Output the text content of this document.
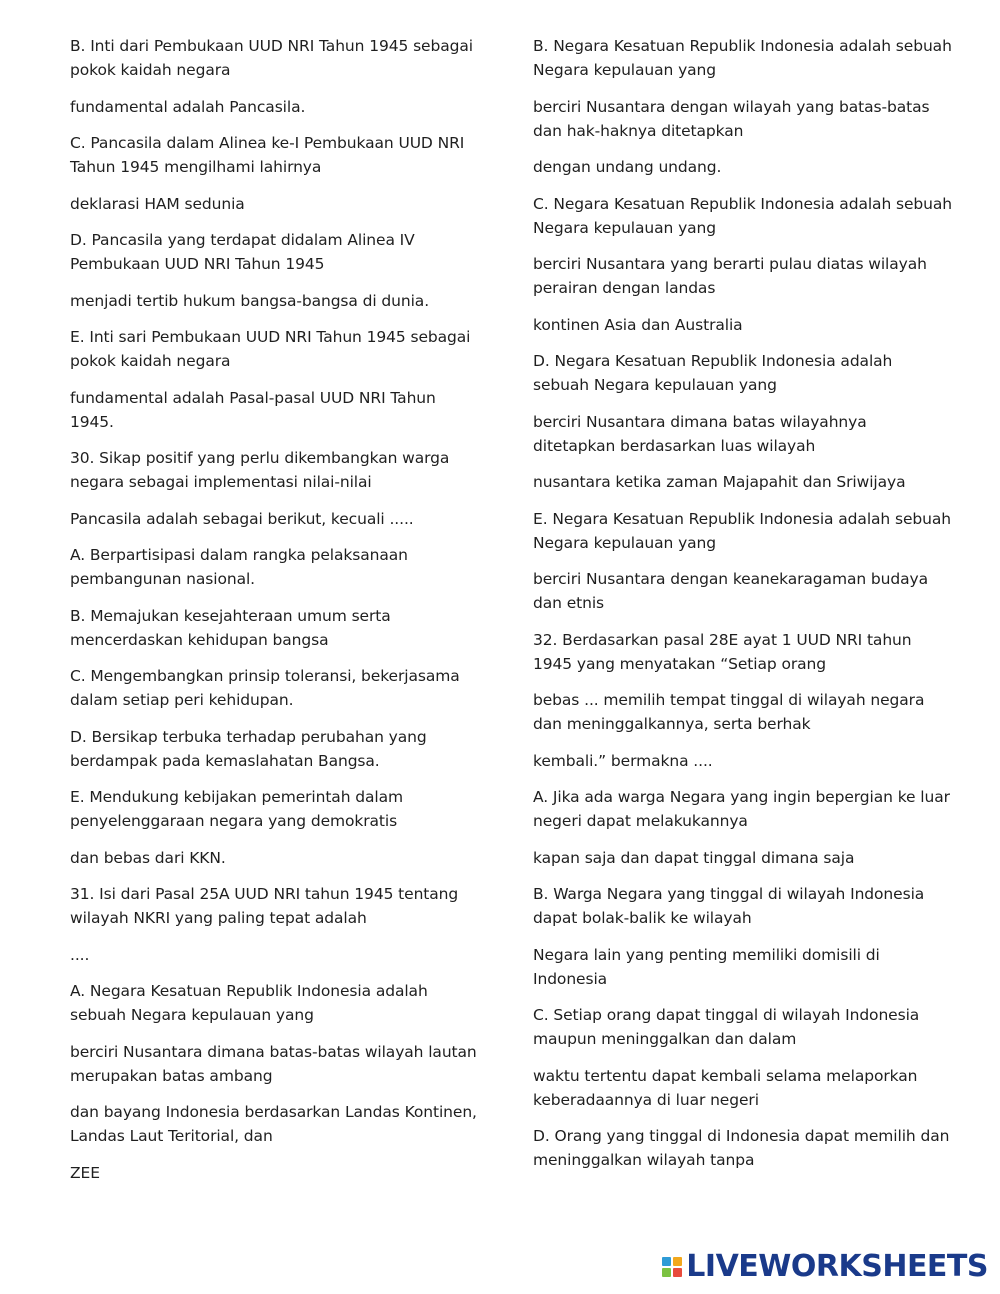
B. Inti dari Pembukaan UUD NRI Tahun 1945 sebagai pokok kaidah negara

fundamental adalah Pancasila.

C. Pancasila dalam Alinea ke-I Pembukaan UUD NRI Tahun 1945 mengilhami lahirnya

deklarasi HAM sedunia

D. Pancasila yang terdapat didalam Alinea IV Pembukaan UUD NRI Tahun 1945

menjadi tertib hukum bangsa-bangsa di dunia.

E. Inti sari Pembukaan UUD NRI Tahun 1945 sebagai pokok kaidah negara

fundamental adalah Pasal-pasal UUD NRI Tahun 1945.

30. Sikap positif yang perlu dikembangkan warga negara sebagai implementasi nilai-nilai

Pancasila adalah sebagai berikut, kecuali .....

A. Berpartisipasi dalam rangka pelaksanaan pembangunan nasional.

B. Memajukan kesejahteraan umum serta mencerdaskan kehidupan bangsa

C. Mengembangkan prinsip toleransi, bekerjasama dalam setiap peri kehidupan.

D. Bersikap terbuka terhadap perubahan yang berdampak pada kemaslahatan Bangsa.

E. Mendukung kebijakan pemerintah dalam penyelenggaraan negara yang demokratis

dan bebas dari KKN.

31. Isi dari Pasal 25A UUD NRI tahun 1945 tentang wilayah NKRI yang paling tepat adalah

....

A. Negara Kesatuan Republik Indonesia adalah sebuah Negara kepulauan yang

berciri Nusantara dimana batas-batas wilayah lautan merupakan batas ambang

dan bayang Indonesia berdasarkan Landas Kontinen, Landas Laut Teritorial, dan

ZEE

B. Negara Kesatuan Republik Indonesia adalah sebuah Negara kepulauan yang

berciri Nusantara dengan wilayah yang batas-batas dan hak-haknya ditetapkan

dengan undang undang.

C. Negara Kesatuan Republik Indonesia adalah sebuah Negara kepulauan yang

berciri Nusantara yang berarti pulau diatas wilayah perairan dengan landas

kontinen Asia dan Australia

D. Negara Kesatuan Republik Indonesia adalah sebuah Negara kepulauan yang

berciri Nusantara dimana batas wilayahnya ditetapkan berdasarkan luas wilayah

nusantara ketika zaman Majapahit dan Sriwijaya

E. Negara Kesatuan Republik Indonesia adalah sebuah Negara kepulauan yang

berciri Nusantara dengan keanekaragaman budaya dan etnis

32. Berdasarkan pasal 28E ayat 1 UUD NRI tahun 1945 yang menyatakan “Setiap orang

bebas ... memilih tempat tinggal di wilayah negara dan meninggalkannya, serta berhak

kembali.” bermakna ....

A. Jika ada warga Negara yang ingin bepergian ke luar negeri dapat melakukannya

kapan saja dan dapat tinggal dimana saja

B. Warga Negara yang tinggal di wilayah Indonesia dapat bolak-balik ke wilayah

Negara lain yang penting memiliki domisili di Indonesia

C. Setiap orang dapat tinggal di wilayah Indonesia maupun meninggalkan dan dalam

waktu tertentu dapat kembali selama melaporkan keberadaannya di luar negeri

D. Orang yang tinggal di Indonesia dapat memilih dan meninggalkan wilayah tanpa

LIVEWORKSHEETS
